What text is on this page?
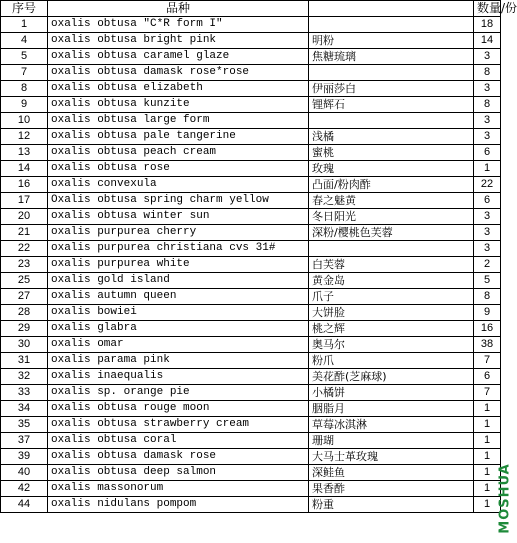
序号	品种		数量/份
1	oxalis obtusa "C*R form I"		18
4	oxalis obtusa bright pink	明粉	14
5	oxalis obtusa caramel glaze	焦糖琉璃	3
7	oxalis obtusa damask rose*rose		8
8	oxalis obtusa elizabeth	伊丽莎白	3
9	oxalis obtusa kunzite	锂辉石	8
10	oxalis obtusa large form		3
12	oxalis obtusa pale tangerine	浅橘	3
13	oxalis obtusa peach cream	蜜桃	6
14	oxalis obtusa rose	玫瑰	1
16	oxalis convexula	凸面/粉肉酢	22
17	Oxalis obtusa spring charm yellow	春之魅黄	6
20	oxalis obtusa winter sun	冬日阳光	3
21	oxalis purpurea cherry	深粉/樱桃色芙蓉	3
22	oxalis purpurea christiana cvs 31#		3
23	oxalis purpurea white	白芙蓉	2
25	oxalis gold island	黄金岛	5
27	oxalis autumn queen	爪子	8
28	oxalis bowiei	大饼脸	9
29	oxalis glabra	桃之辉	16
30	oxalis omar	奥马尔	38
31	oxalis parama pink	粉爪	7
32	oxalis inaequalis	美花酢(芝麻球)	6
33	oxalis sp. orange pie	小橘饼	7
34	oxalis obtusa rouge moon	胭脂月	1
35	oxalis obtusa strawberry cream	草莓冰淇淋	1
37	oxalis obtusa coral	珊瑚	1
39	oxalis obtusa damask rose	大马士革玫瑰	1
40	oxalis obtusa deep salmon	深鲑鱼	1
42	oxalis massonorum	果香酢	1
44	oxalis nidulans pompom	粉重	1 MOSHUA
